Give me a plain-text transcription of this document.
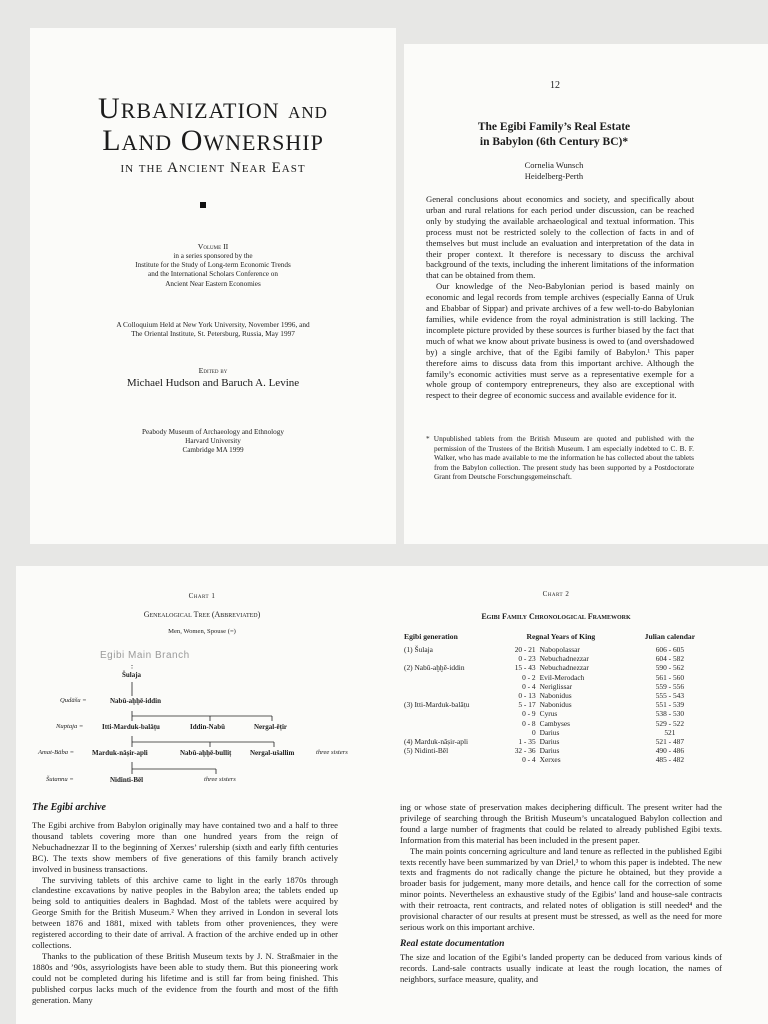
URBANIZATION AND
LAND OWNERSHIP
in the Ancient Near East
Volume II
in a series sponsored by the
Institute for the Study of Long-term Economic Trends
and the International Scholars Conference on
Ancient Near Eastern Economies
A Colloquium Held at New York University, November 1996, and
The Oriental Institute, St. Petersburg, Russia, May 1997
Edited by
Michael Hudson and Baruch A. Levine
Peabody Museum of Archaeology and Ethnology
Harvard University
Cambridge MA 1999
12
The Egibi Family’s Real Estate
in Babylon (6th Century BC)*
Cornelia Wunsch
Heidelberg-Perth

General conclusions about economics and society, and specifically about urban and rural relations for each period under discussion, can be reached only by studying the available archaeological and textual information. This process must not be restricted solely to the collection of facts in and of themselves but must include an evaluation and interpretation of the data in their proper context. It therefore is necessary to discuss the archival background of the texts, including the inherent limitations of the information that can be obtained from them.

Our knowledge of the Neo-Babylonian period is based mainly on economic and legal records from temple archives (especially Eanna of Uruk and Ebabbar of Sippar) and private archives of a few well-to-do Babylonian families, while evidence from the royal administration is still lacking. The incomplete picture provided by these sources is further biased by the fact that much of what we know about private business is owed to (and overshadowed by) a single archive, that of the Egibi family of Babylon.¹ This paper therefore aims to discuss data from this important archive. Although the family’s economic activities must serve as a representative exemple for a whole group of contempory entrepreneurs, they also are exceptional with respect to their degree of economic success and available evidence for it.

* Unpublished tablets from the British Museum are quoted and published with the permission of the Trustees of the British Museum. I am especially indebted to C. B. F. Walker, who has made available to me the information he has collected about the tablets from the Babylon collection. The present study has been supported by a Postdoctorate Grant from Deutsche Forschungsgemeinschaft.

Chart 1
Genealogical Tree (Abbreviated)
Men, Women, Spouse (=)
Egibi Main Branch
Šulaja
Qudāšu =	Nabû-aḫḫē-iddin
Nuptaja =	Itti-Marduk-balāṭu	Iddin-Nabû	Nergal-ēṭir
Amat-Bāba =	Marduk-nāṣir-apli	Nabû-aḫḫē-bulliṭ	Nergal-ušallim	three sisters
Šutannu =	Nidinti-Bēl	three sisters
The Egibi archive

The Egibi archive from Babylon originally may have contained two and a half to three thousand tablets covering more than one hundred years from the reign of Nebuchadnezzar II to the beginning of Xerxes’ rulership (sixth and early fifth centuries BC). The texts show members of five generations of this family branch actively involved in business transactions.

The surviving tablets of this archive came to light in the early 1870s through clandestine excavations by native peoples in the Babylon area; the tablets ended up being sold to antiquities dealers in Baghdad. Most of the tablets were acquired by George Smith for the British Museum.² When they arrived in London in several lots between 1876 and 1881, mixed with tablets from other proveniences, they were registered according to their date of arrival. A fraction of the archive ended up in other collections.

Thanks to the publication of these British Museum texts by J. N. Straßmaier in the 1880s and ’90s, assyriologists have been able to study them. But this pioneering work could not be completed during his lifetime and is still far from being finished. This published corpus lacks much of the evidence from the fourth and most of the fifth generation. Many

Chart 2
Egibi Family Chronological Framework
Egibi generation	Regnal Years of King		Julian calendar
(1) Šulaja	20 - 21	Nabopolassar	606 - 605
	0 - 23	Nebuchadnezzar	604 - 582
(2) Nabû-aḫḫē-iddin	15 - 43	Nebuchadnezzar	590 - 562
	0 - 2	Evil-Merodach	561 - 560
	0 - 4	Neriglissar	559 - 556
	0 - 13	Nabonidus	555 - 543
(3) Itti-Marduk-balāṭu	5 - 17	Nabonidus	551 - 539
	0 - 9	Cyrus	538 - 530
	0 - 8	Cambyses	529 - 522
	0	Darius	521
(4) Marduk-nāṣir-apli	1 - 35	Darius	521 - 487
(5) Nidinti-Bēl	32 - 36	Darius	490 - 486
	0 - 4	Xerxes	485 - 482

ing or whose state of preservation makes deciphering difficult. The present writer had the privilege of searching through the British Museum’s uncatalogued Babylon collection and found a large number of fragments that could be related to already published Egibi texts. Information from this material has been included in the present paper.

The main points concerning agriculture and land tenure as reflected in the published Egibi texts recently have been summarized by van Driel,³ to whom this paper is indebted. The new texts and fragments do not radically change the picture he obtained, but they provide a broader basis for judgement, many more details, and hence call for the correction of some minor points. Nevertheless an exhaustive study of the Egibis’ land and house-sale contracts with their retroacta, rent contracts, and related notes of obligation is still needed⁴ and the provisional character of our results at present must be stressed, as well as the need for more serious work on this important archive.

Real estate documentation

The size and location of the Egibi’s landed property can be deduced from various kinds of records. Land-sale contracts usually indicate at least the rough location, the names of neighbors, surface measure, quality, and
